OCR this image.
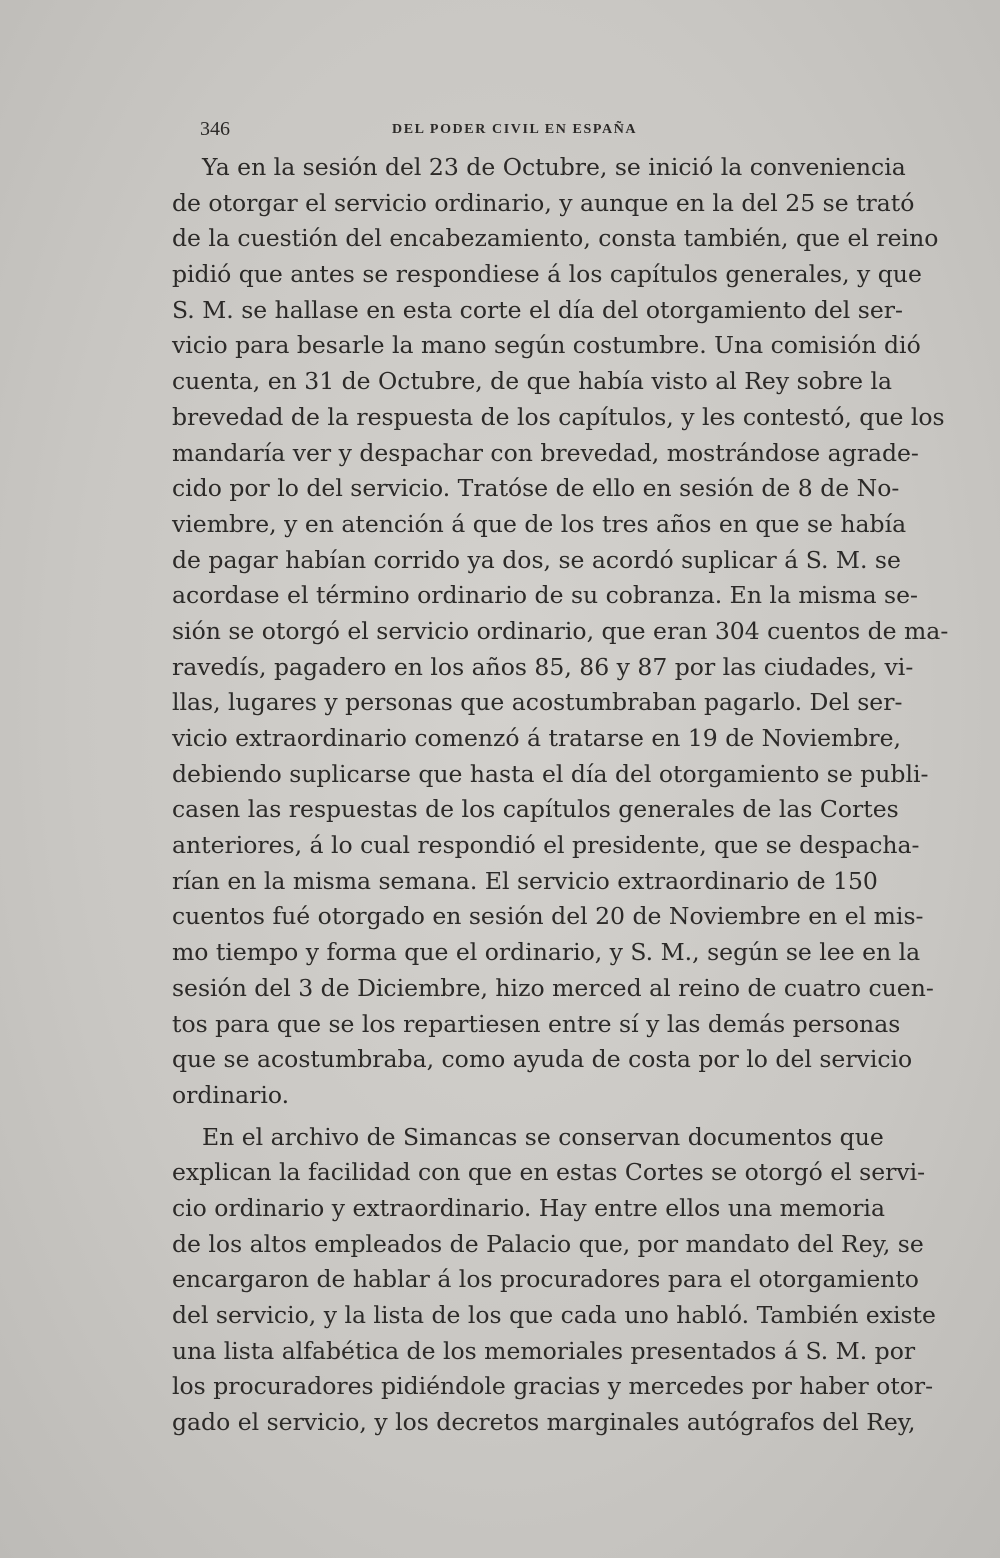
346	DEL PODER CIVIL EN ESPAÑA
Ya en la sesión del 23 de Octubre, se inició la conveniencia
de otorgar el servicio ordinario, y aunque en la del 25 se trató
de la cuestión del encabezamiento, consta también, que el reino
pidió que antes se respondiese á los capítulos generales, y que
S. M. se hallase en esta corte el día del otorgamiento del ser-
vicio para besarle la mano según costumbre. Una comisión dió
cuenta, en 31 de Octubre, de que había visto al Rey sobre la
brevedad de la respuesta de los capítulos, y les contestó, que los
mandaría ver y despachar con brevedad, mostrándose agrade-
cido por lo del servicio. Tratóse de ello en sesión de 8 de No-
viembre, y en atención á que de los tres años en que se había
de pagar habían corrido ya dos, se acordó suplicar á S. M. se
acordase el término ordinario de su cobranza. En la misma se-
sión se otorgó el servicio ordinario, que eran 304 cuentos de ma-
ravedís, pagadero en los años 85, 86 y 87 por las ciudades, vi-
llas, lugares y personas que acostumbraban pagarlo. Del ser-
vicio extraordinario comenzó á tratarse en 19 de Noviembre,
debiendo suplicarse que hasta el día del otorgamiento se publi-
casen las respuestas de los capítulos generales de las Cortes
anteriores, á lo cual respondió el presidente, que se despacha-
rían en la misma semana. El servicio extraordinario de 150
cuentos fué otorgado en sesión del 20 de Noviembre en el mis-
mo tiempo y forma que el ordinario, y S. M., según se lee en la
sesión del 3 de Diciembre, hizo merced al reino de cuatro cuen-
tos para que se los repartiesen entre sí y las demás personas
que se acostumbraba, como ayuda de costa por lo del servicio
ordinario.
En el archivo de Simancas se conservan documentos que
explican la facilidad con que en estas Cortes se otorgó el servi-
cio ordinario y extraordinario. Hay entre ellos una memoria
de los altos empleados de Palacio que, por mandato del Rey, se
encargaron de hablar á los procuradores para el otorgamiento
del servicio, y la lista de los que cada uno habló. También existe
una lista alfabética de los memoriales presentados á S. M. por
los procuradores pidiéndole gracias y mercedes por haber otor-
gado el servicio, y los decretos marginales autógrafos del Rey,
